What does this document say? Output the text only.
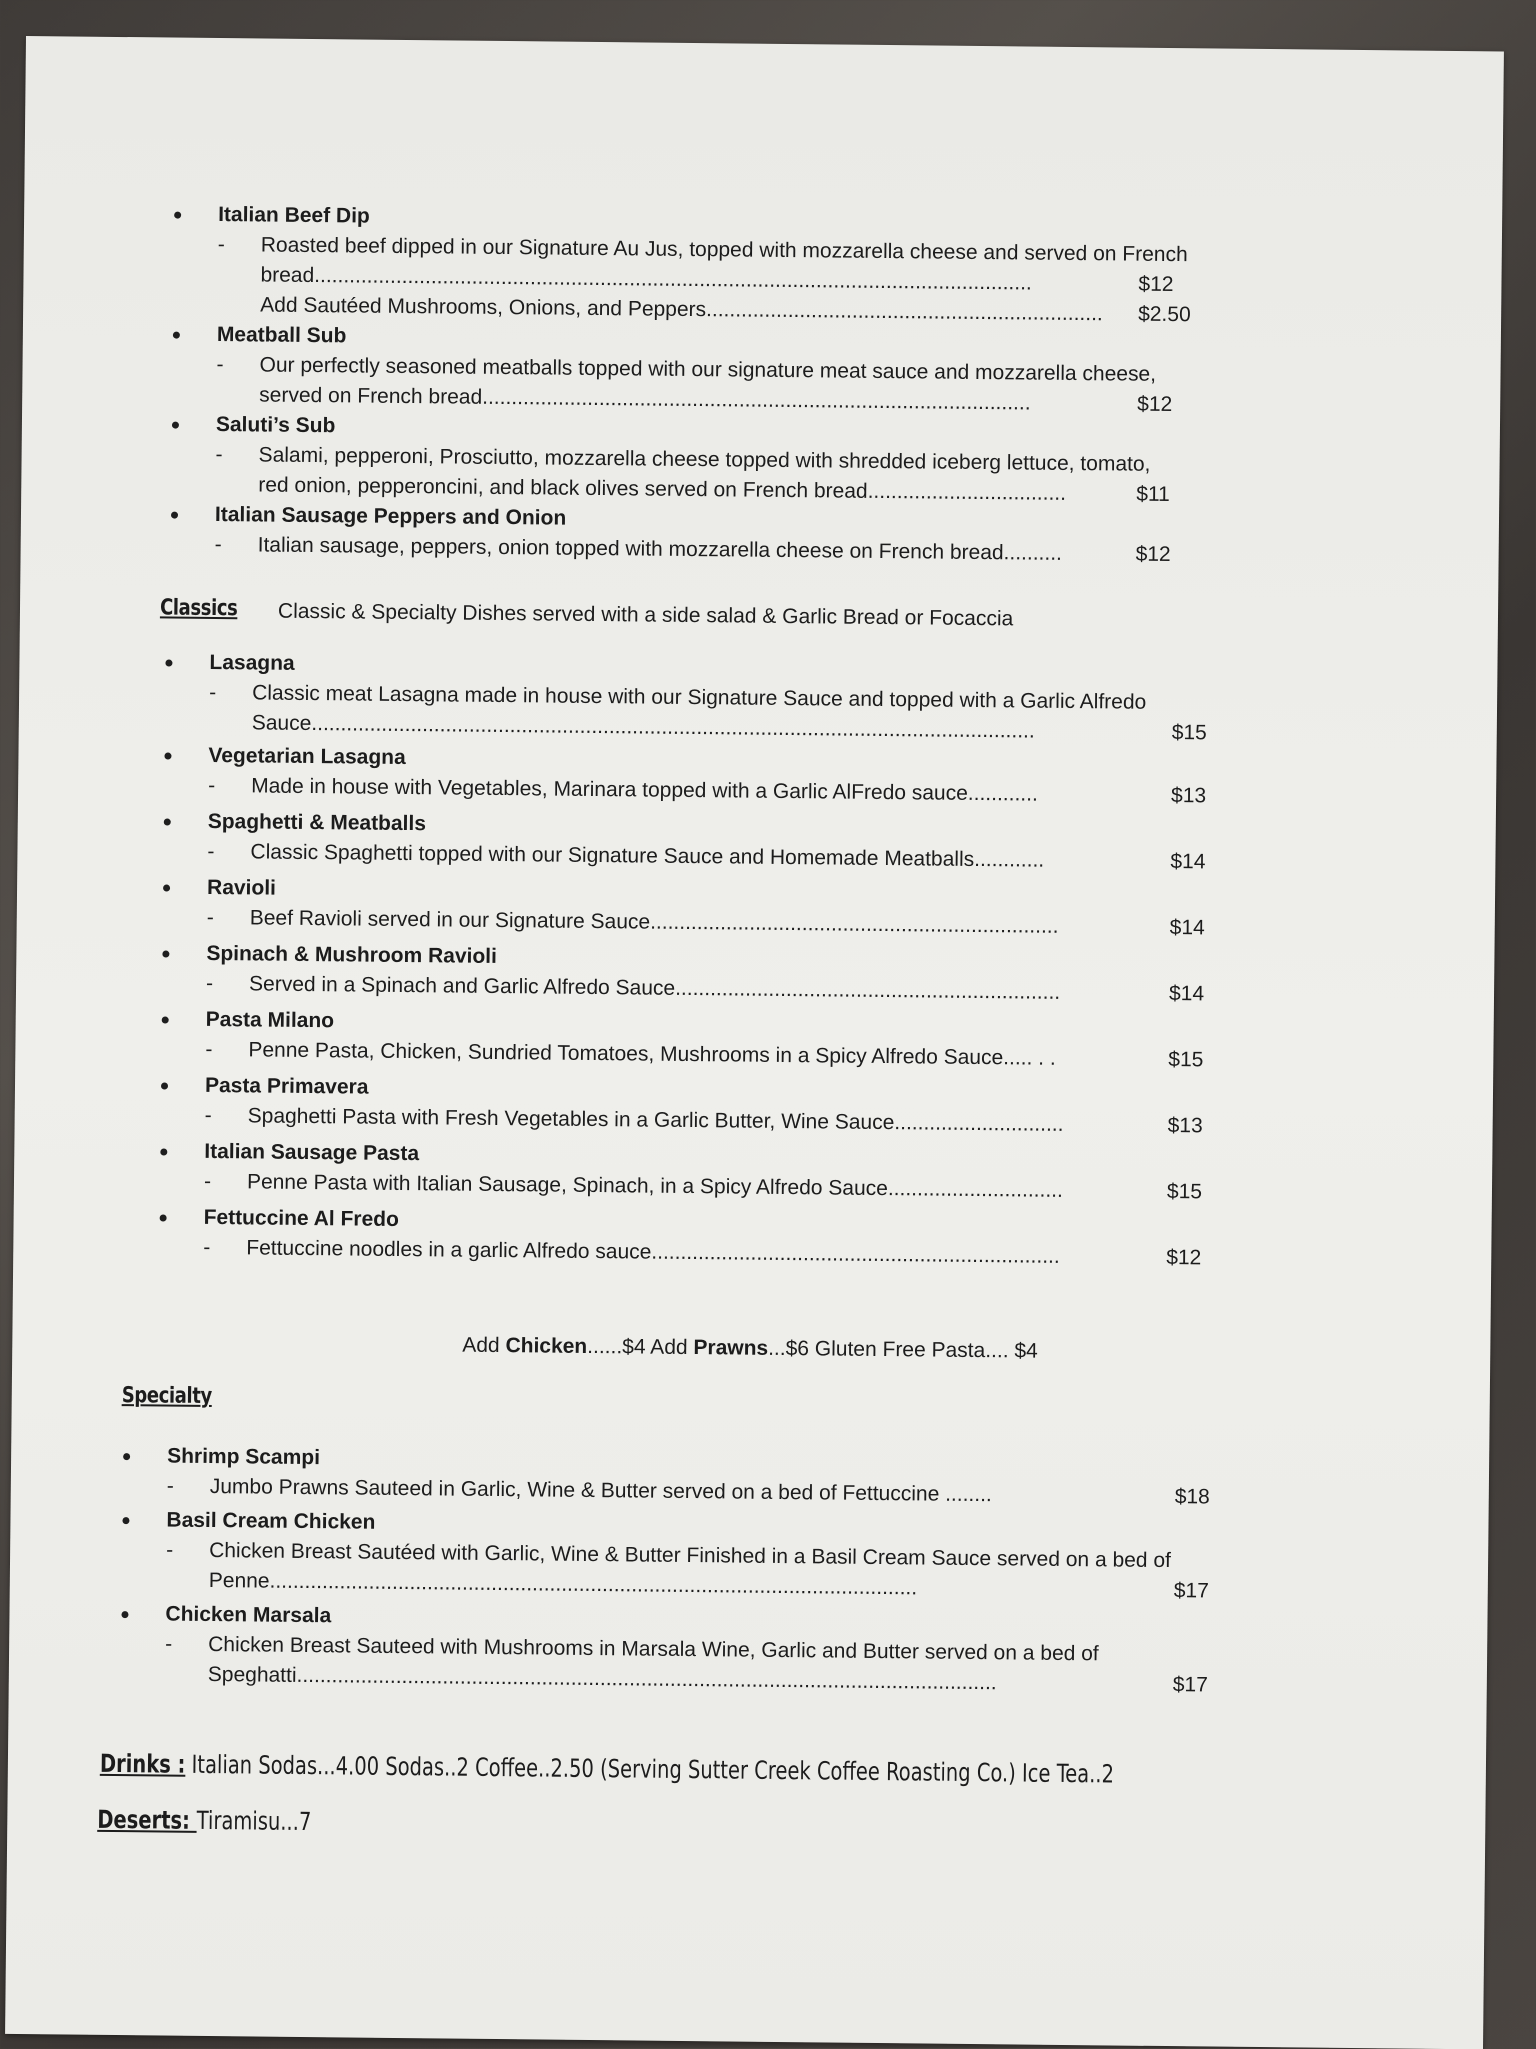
Italian Beef Dip
- Roasted beef dipped in our Signature Au Jus, topped with mozzarella cheese and served on French
bread...........................................................................................................................	$12
Add Sautéed Mushrooms, Onions, and Peppers....................................................................	$2.50
Meatball Sub
- Our perfectly seasoned meatballs topped with our signature meat sauce and mozzarella cheese,
served on French bread..............................................................................................	$12
Saluti’s Sub
- Salami, pepperoni, Prosciutto, mozzarella cheese topped with shredded iceberg lettuce, tomato,
red onion, pepperoncini, and black olives served on French bread..................................	$11
Italian Sausage Peppers and Onion
- Italian sausage, peppers, onion topped with mozzarella cheese on French bread..........	$12
Classics Classic & Specialty Dishes served with a side salad & Garlic Bread or Focaccia
Lasagna
- Classic meat Lasagna made in house with our Signature Sauce and topped with a Garlic Alfredo
Sauce............................................................................................................................	$15
Vegetarian Lasagna
- Made in house with Vegetables, Marinara topped with a Garlic AlFredo sauce............	$13
Spaghetti & Meatballs
- Classic Spaghetti topped with our Signature Sauce and Homemade Meatballs............	$14
Ravioli
- Beef Ravioli served in our Signature Sauce......................................................................	$14
Spinach & Mushroom Ravioli
- Served in a Spinach and Garlic Alfredo Sauce..................................................................	$14
Pasta Milano
- Penne Pasta, Chicken, Sundried Tomatoes, Mushrooms in a Spicy Alfredo Sauce..... . .	$15
Pasta Primavera
- Spaghetti Pasta with Fresh Vegetables in a Garlic Butter, Wine Sauce.............................	$13
Italian Sausage Pasta
- Penne Pasta with Italian Sausage, Spinach, in a Spicy Alfredo Sauce..............................	$15
Fettuccine Al Fredo
- Fettuccine noodles in a garlic Alfredo sauce......................................................................	$12
Add Chicken......$4 Add Prawns...$6 Gluten Free Pasta.... $4
Specialty
Shrimp Scampi
- Jumbo Prawns Sauteed in Garlic, Wine & Butter served on a bed of Fettuccine ........	$18
Basil Cream Chicken
- Chicken Breast Sautéed with Garlic, Wine & Butter Finished in a Basil Cream Sauce served on a bed of
Penne...............................................................................................................	$17
Chicken Marsala
- Chicken Breast Sauteed with Mushrooms in Marsala Wine, Garlic and Butter served on a bed of
Speghatti........................................................................................................................	$17
Drinks : Italian Sodas...4.00 Sodas..2 Coffee..2.50 (Serving Sutter Creek Coffee Roasting Co.) Ice Tea..2
Deserts: Tiramisu...7
